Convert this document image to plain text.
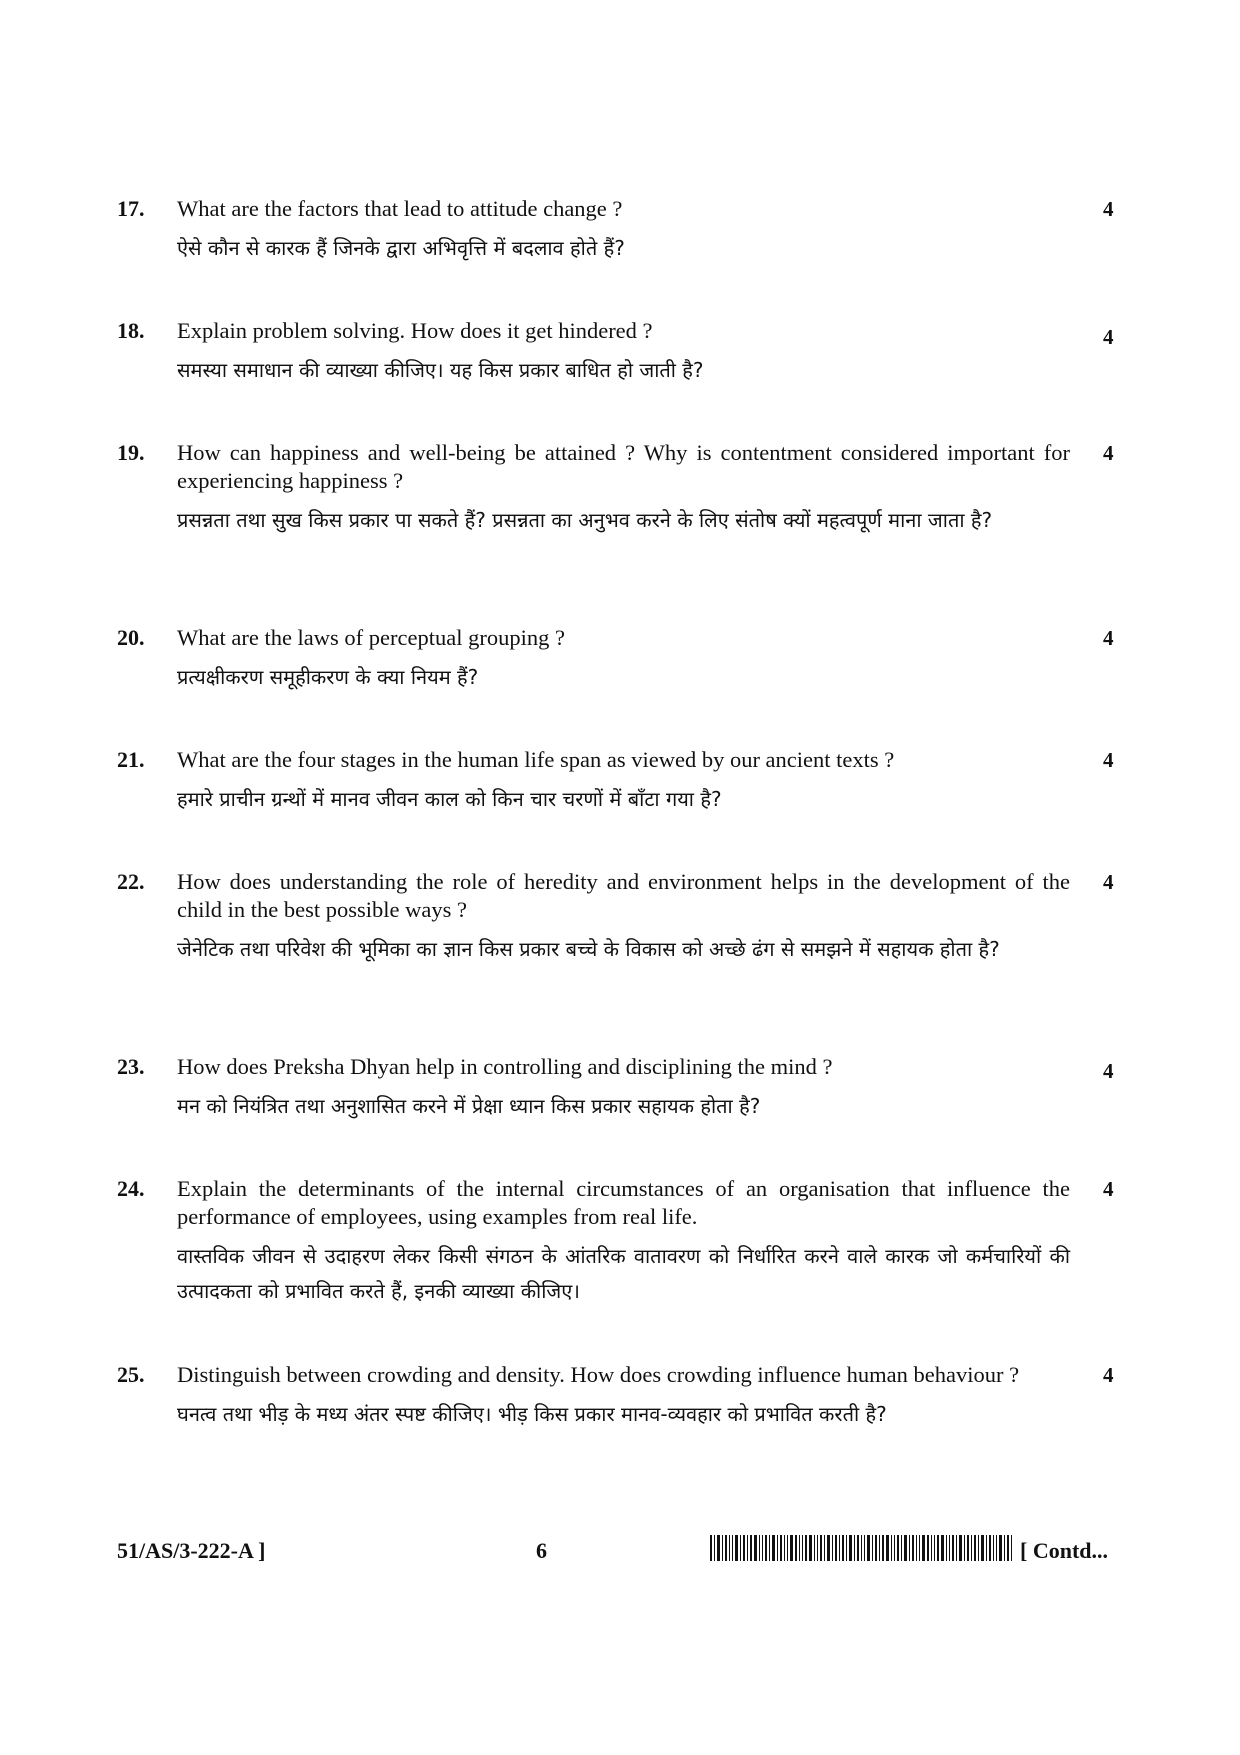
17. What are the factors that lead to attitude change ?

ऐसे कौन से कारक हैं जिनके द्वारा अभिवृत्ति में बदलाव होते हैं?

4
18. Explain problem solving. How does it get hindered ?

समस्या समाधान की व्याख्या कीजिए। यह किस प्रकार बाधित हो जाती है?

4
19. How can happiness and well-being be attained ? Why is contentment considered important for experiencing happiness ?

प्रसन्नता तथा सुख किस प्रकार पा सकते हैं? प्रसन्नता का अनुभव करने के लिए संतोष क्यों महत्वपूर्ण माना जाता है?

4
20. What are the laws of perceptual grouping ?

प्रत्यक्षीकरण समूहीकरण के क्या नियम हैं?

4
21. What are the four stages in the human life span as viewed by our ancient texts ?

हमारे प्राचीन ग्रन्थों में मानव जीवन काल को किन चार चरणों में बाँटा गया है?

4
22. How does understanding the role of heredity and environment helps in the development of the child in the best possible ways ?

जेनेटिक तथा परिवेश की भूमिका का ज्ञान किस प्रकार बच्चे के विकास को अच्छे ढंग से समझने में सहायक होता है?

4
23. How does Preksha Dhyan help in controlling and disciplining the mind ?

मन को नियंत्रित तथा अनुशासित करने में प्रेक्षा ध्यान किस प्रकार सहायक होता है?

4
24. Explain the determinants of the internal circumstances of an organisation that influence the performance of employees, using examples from real life.

वास्तविक जीवन से उदाहरण लेकर किसी संगठन के आंतरिक वातावरण को निर्धारित करने वाले कारक जो कर्मचारियों की उत्पादकता को प्रभावित करते हैं, इनकी व्याख्या कीजिए।

4
25. Distinguish between crowding and density. How does crowding influence human behaviour ?

घनत्व तथा भीड़ के मध्य अंतर स्पष्ट कीजिए। भीड़ किस प्रकार मानव-व्यवहार को प्रभावित करती है?

4
51/AS/3-222-A ]	6	[ Contd...
